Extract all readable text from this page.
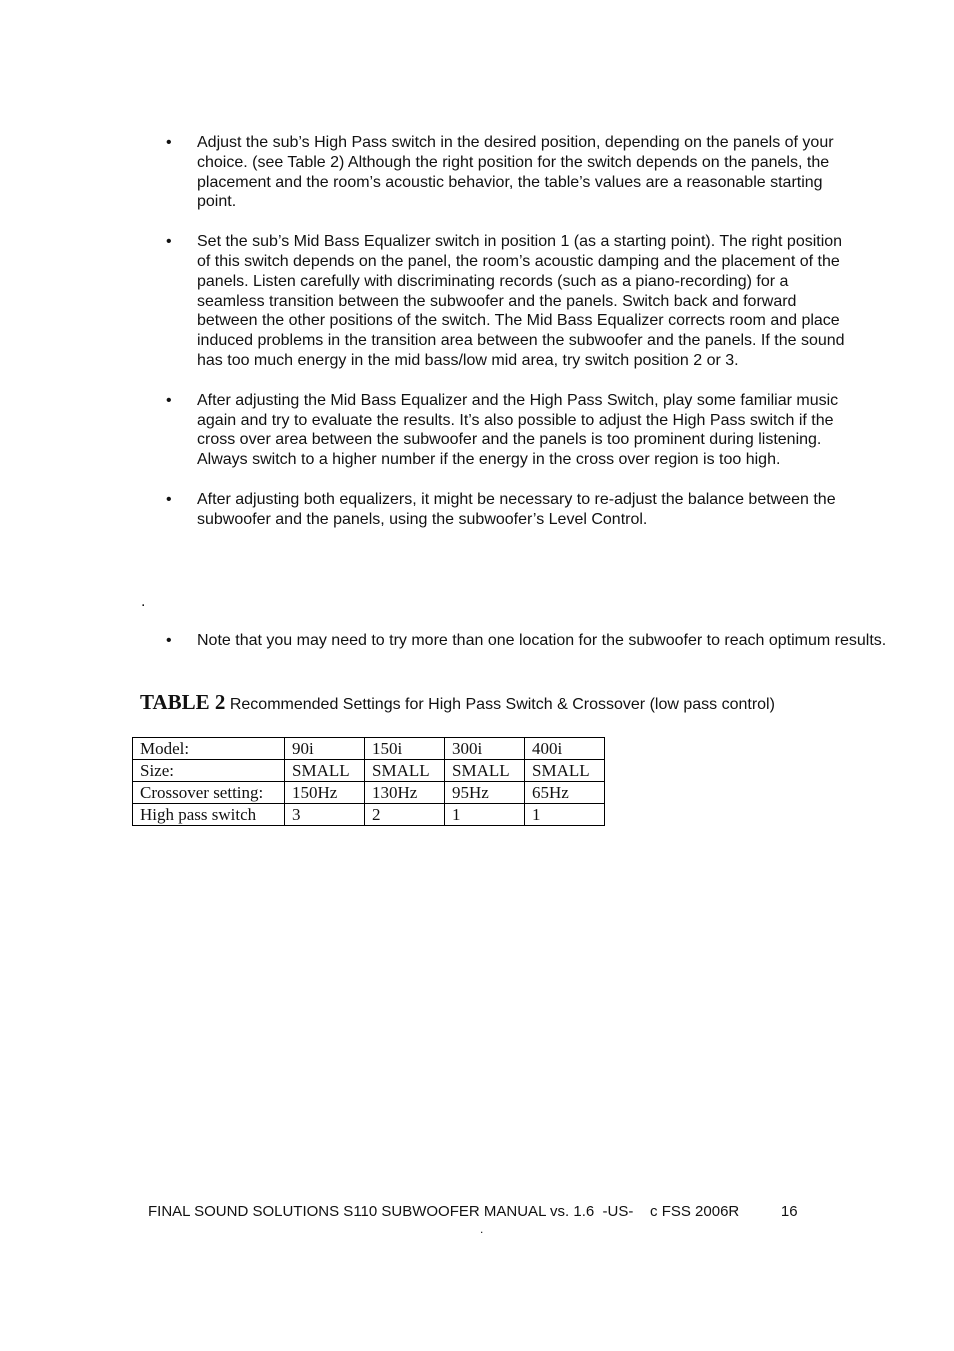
• Adjust the sub’s High Pass switch in the desired position, depending on the panels of your choice. (see Table 2) Although the right position for the switch depends on the panels, the placement and the room’s acoustic behavior, the table’s values are a reasonable starting point.
• Set the sub’s Mid Bass Equalizer switch in position 1 (as a starting point). The right position of this switch depends on the panel, the room’s acoustic damping and the placement of the panels. Listen carefully with discriminating records (such as a piano-recording) for a seamless transition between the subwoofer and the panels. Switch back and forward between the other positions of the switch. The Mid Bass Equalizer corrects room and place induced problems in the transition area between the subwoofer and the panels. If the sound has too much energy in the mid bass/low mid area, try switch position 2 or 3.
• After adjusting the Mid Bass Equalizer and the High Pass Switch, play some familiar music again and try to evaluate the results. It’s also possible to adjust the High Pass switch if the cross over area between the subwoofer and the panels is too prominent during listening. Always switch to a higher number if the energy in the cross over region is too high.
• After adjusting both equalizers, it might be necessary to re-adjust the balance between the subwoofer and the panels, using the subwoofer’s Level Control.
.
• Note that you may need to try more than one location for the subwoofer to reach optimum results.
TABLE 2 Recommended Settings for High Pass Switch & Crossover (low pass control)
Model:	90i	150i	300i	400i
Size:	SMALL	SMALL	SMALL	SMALL
Crossover setting:	150Hz	130Hz	95Hz	65Hz
High pass switch	3	2	1	1
FINAL SOUND SOLUTIONS S110 SUBWOOFER MANUAL vs. 1.6  -US-    c FSS 2006R          16
.
